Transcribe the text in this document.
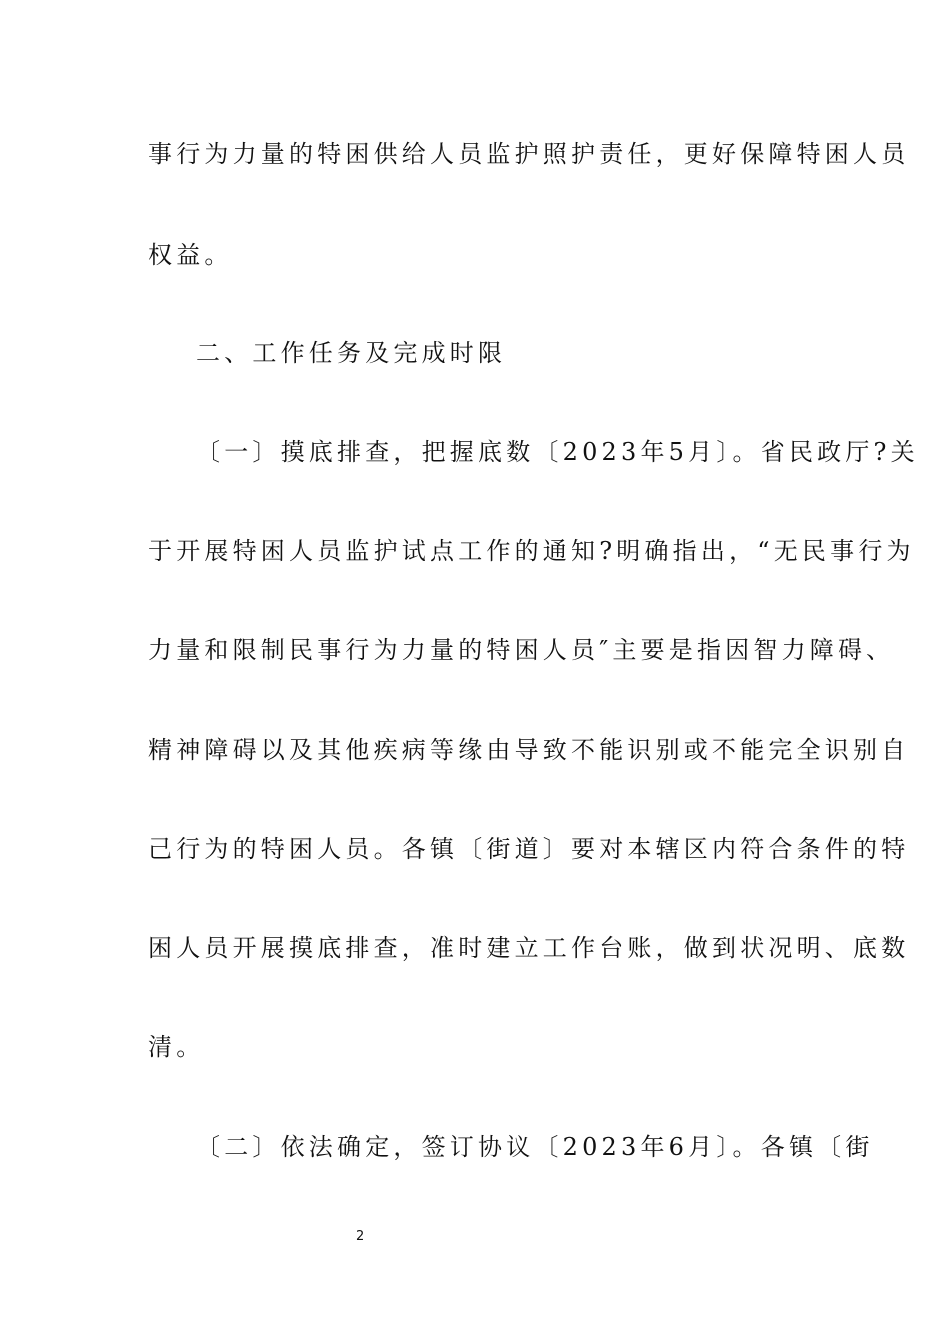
事行为力量的特困供给人员监护照护责任，更好保障特困人员
权益。
二、工作任务及完成时限
〔一〕摸底排查，把握底数〔2023年5月〕。省民政厅?关
于开展特困人员监护试点工作的通知?明确指出，“无民事行为
力量和限制民事行为力量的特困人员″主要是指因智力障碍、
精神障碍以及其他疾病等缘由导致不能识别或不能完全识别自
己行为的特困人员。各镇〔街道〕要对本辖区内符合条件的特
困人员开展摸底排查，准时建立工作台账，做到状况明、底数
清。
〔二〕依法确定，签订协议〔2023年6月〕。各镇〔街
2
